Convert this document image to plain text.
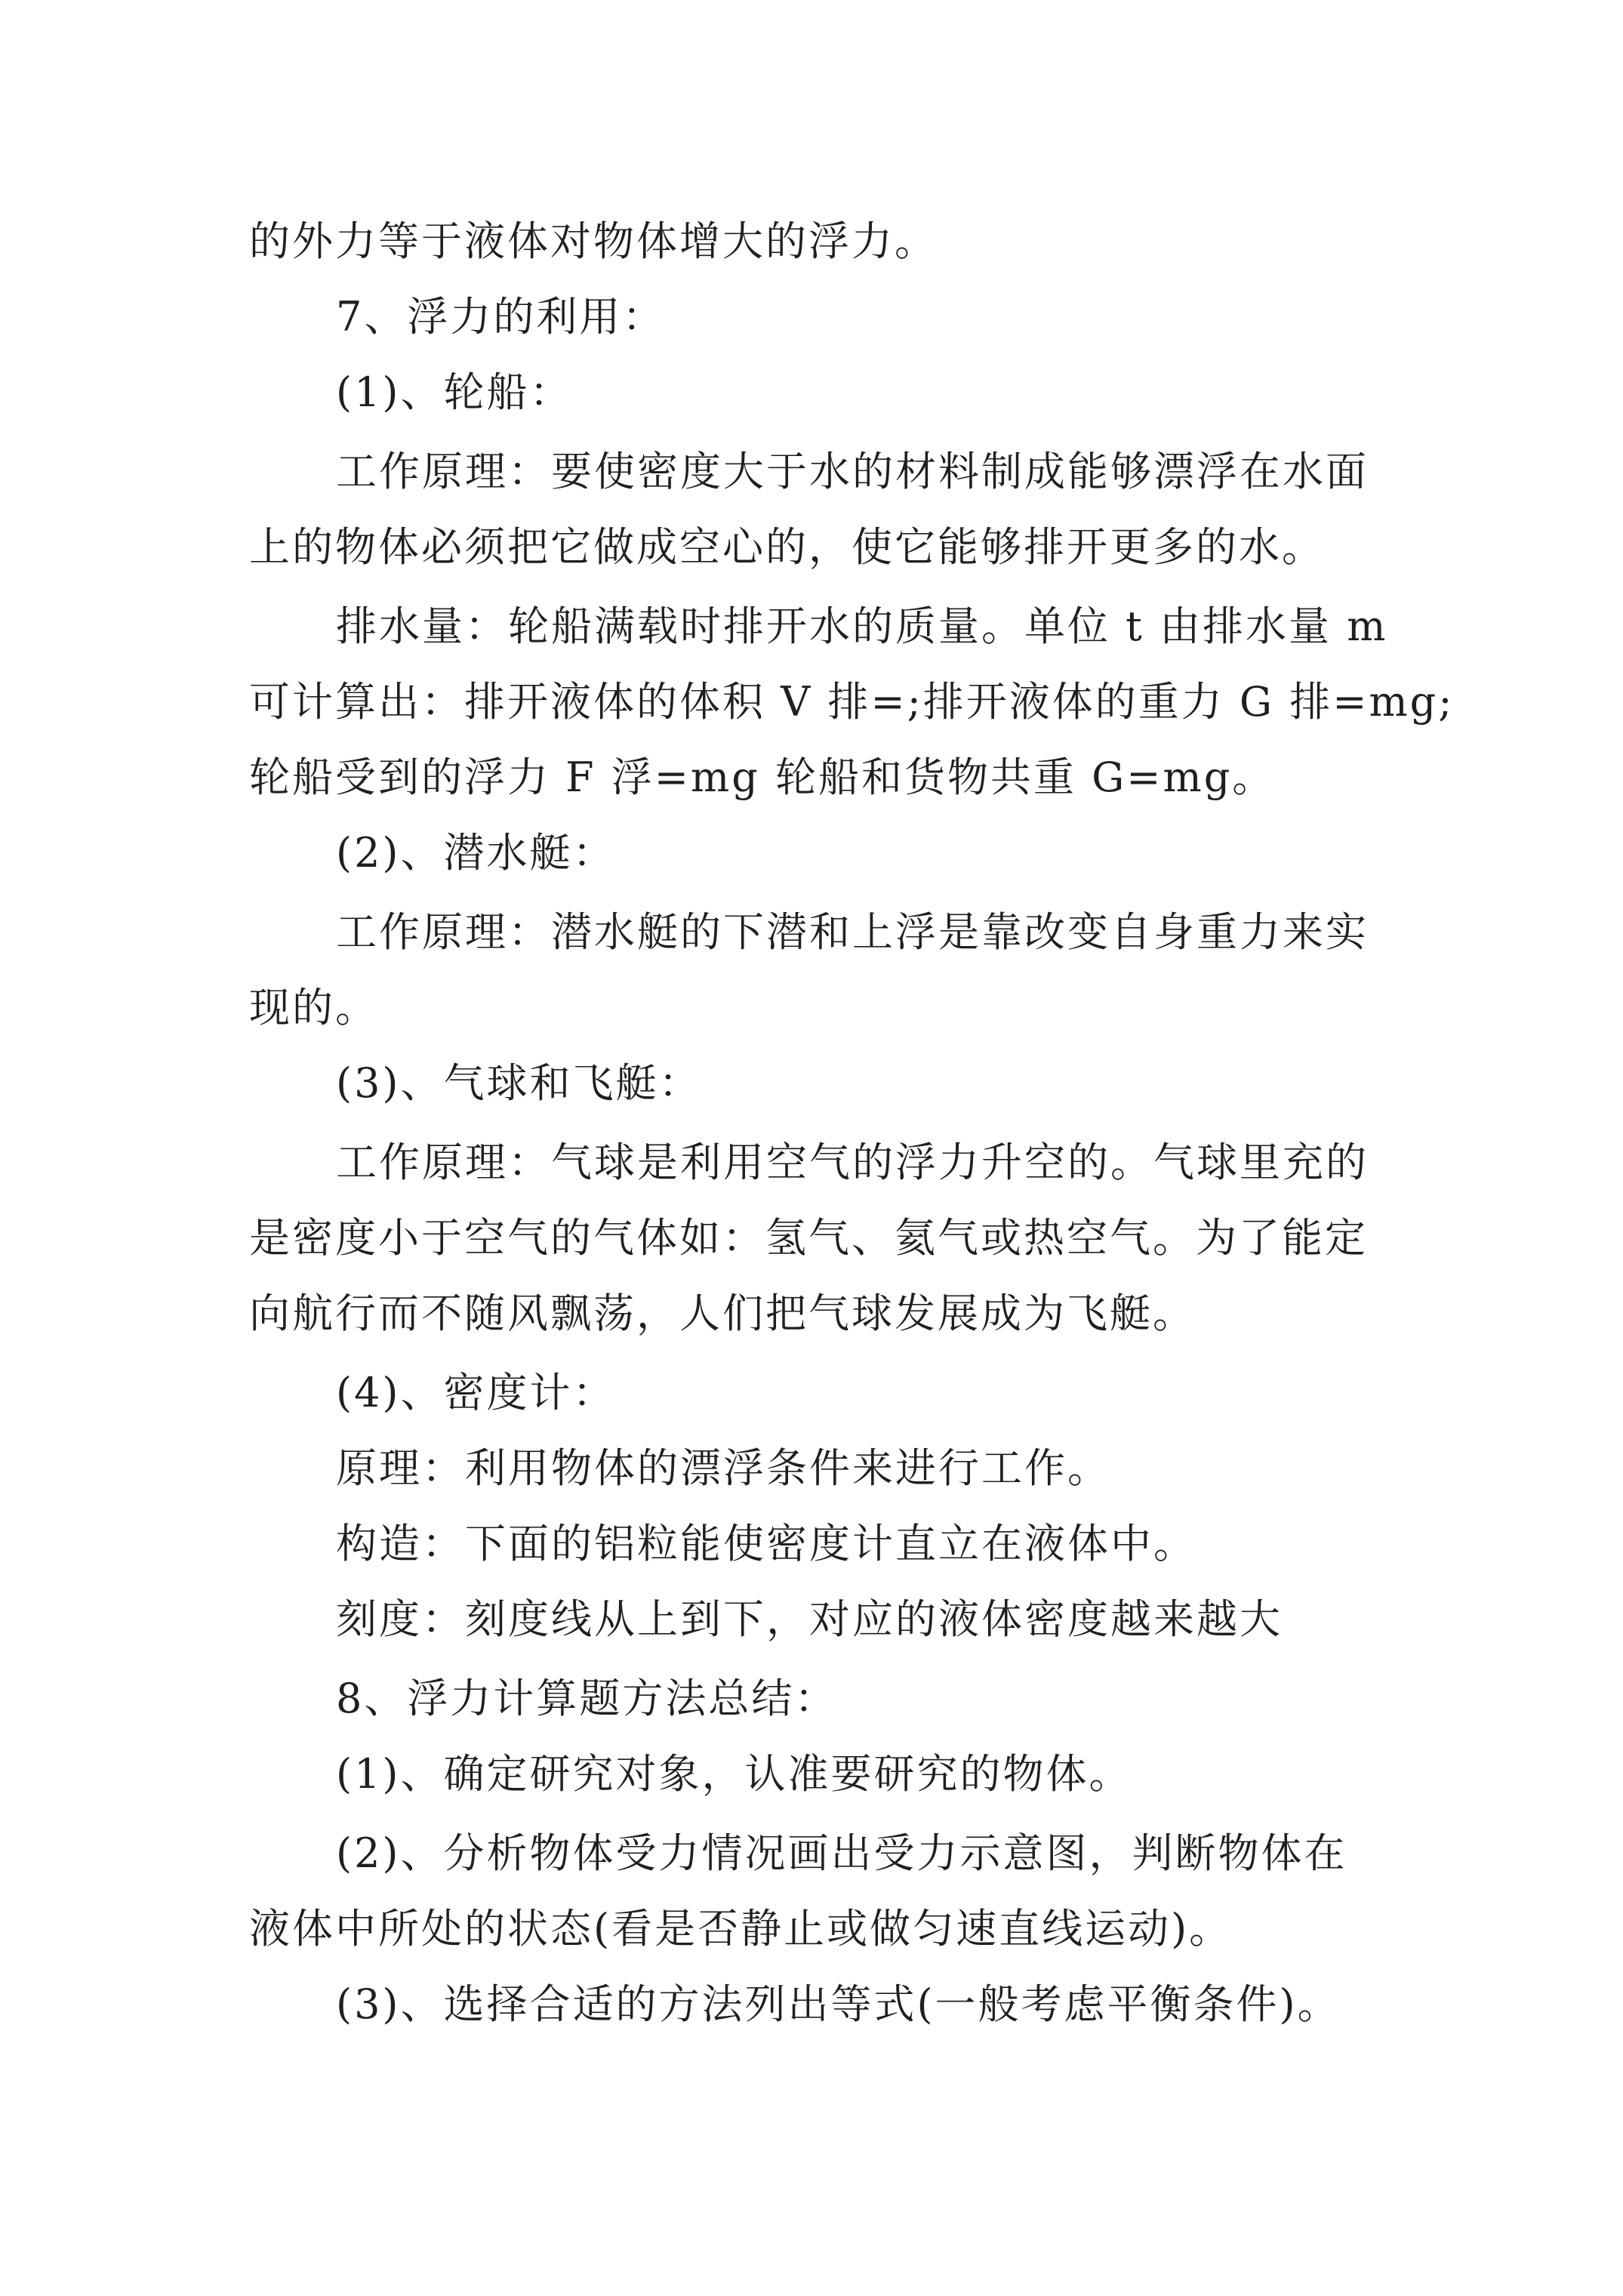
的外力等于液体对物体增大的浮力。
7、浮力的利用：
(1)、轮船：
工作原理：要使密度大于水的材料制成能够漂浮在水面
上的物体必须把它做成空心的，使它能够排开更多的水。
排水量：轮船满载时排开水的质量。单位 t 由排水量 m
可计算出：排开液体的体积 V 排=;排开液体的重力 G 排=mg;
轮船受到的浮力 F 浮=mg 轮船和货物共重 G=mg。
(2)、潜水艇：
工作原理：潜水艇的下潜和上浮是靠改变自身重力来实
现的。
(3)、气球和飞艇：
工作原理：气球是利用空气的浮力升空的。气球里充的
是密度小于空气的气体如：氢气、氦气或热空气。为了能定
向航行而不随风飘荡，人们把气球发展成为飞艇。
(4)、密度计：
原理：利用物体的漂浮条件来进行工作。
构造：下面的铝粒能使密度计直立在液体中。
刻度：刻度线从上到下，对应的液体密度越来越大
8、浮力计算题方法总结：
(1)、确定研究对象，认准要研究的物体。
(2)、分析物体受力情况画出受力示意图，判断物体在
液体中所处的状态(看是否静止或做匀速直线运动)。
(3)、选择合适的方法列出等式(一般考虑平衡条件)。
